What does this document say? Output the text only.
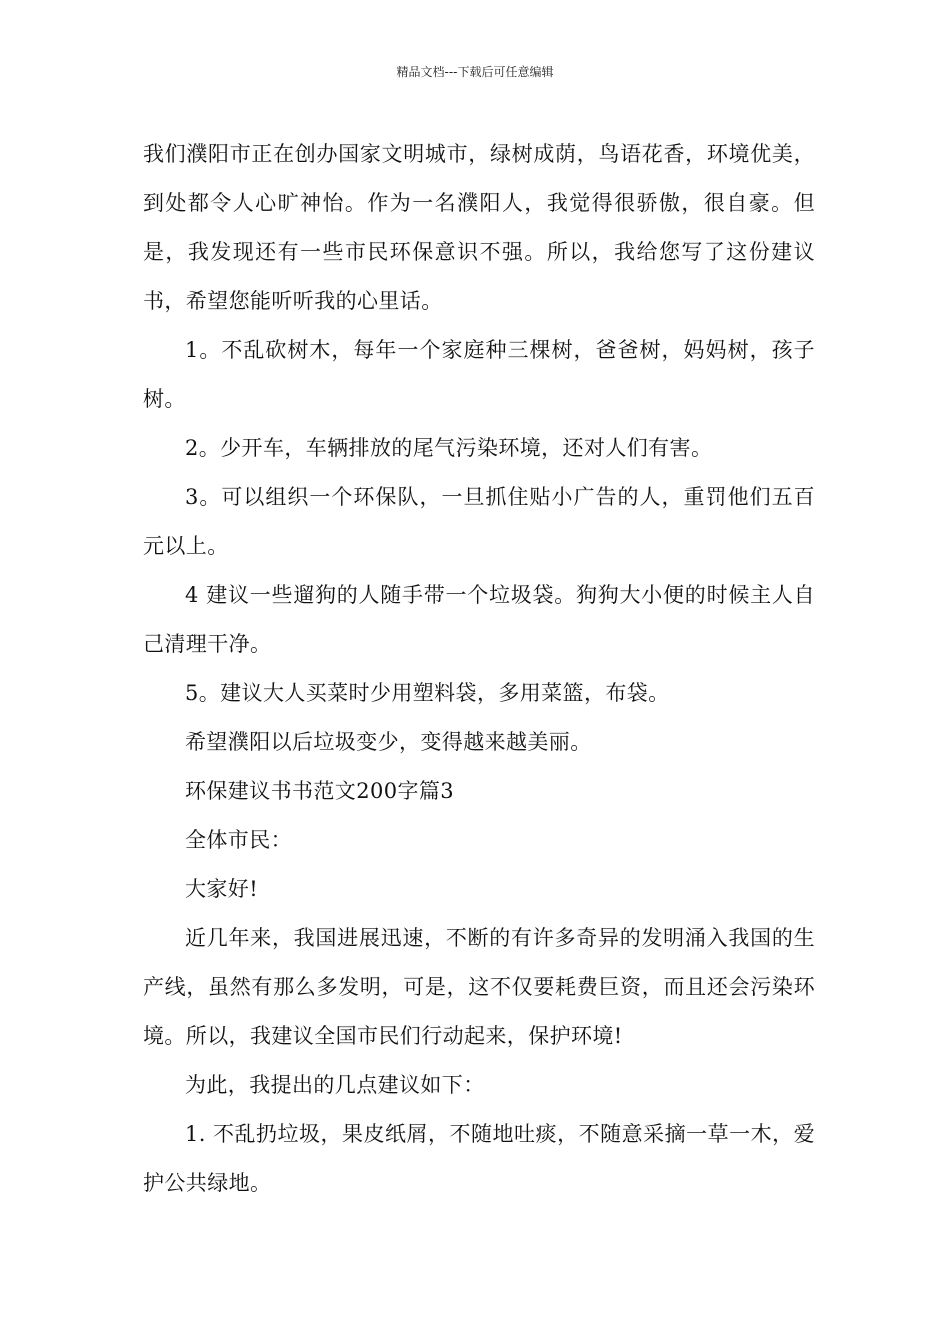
精品文档---下载后可任意编辑

我们濮阳市正在创办国家文明城市，绿树成荫，鸟语花香，环境优美，到处都令人心旷神怡。作为一名濮阳人，我觉得很骄傲，很自豪。但是，我发现还有一些市民环保意识不强。所以，我给您写了这份建议书，希望您能听听我的心里话。

1。不乱砍树木，每年一个家庭种三棵树，爸爸树，妈妈树，孩子树。

2。少开车，车辆排放的尾气污染环境，还对人们有害。

3。可以组织一个环保队，一旦抓住贴小广告的人，重罚他们五百元以上。

4 建议一些遛狗的人随手带一个垃圾袋。狗狗大小便的时候主人自己清理干净。

5。建议大人买菜时少用塑料袋，多用菜篮，布袋。

希望濮阳以后垃圾变少，变得越来越美丽。

环保建议书书范文200字篇3

全体市民：

大家好!

近几年来，我国进展迅速，不断的有许多奇异的发明涌入我国的生产线，虽然有那么多发明，可是，这不仅要耗费巨资，而且还会污染环境。所以，我建议全国市民们行动起来，保护环境!

为此，我提出的几点建议如下：

1. 不乱扔垃圾，果皮纸屑，不随地吐痰，不随意采摘一草一木，爱护公共绿地。
